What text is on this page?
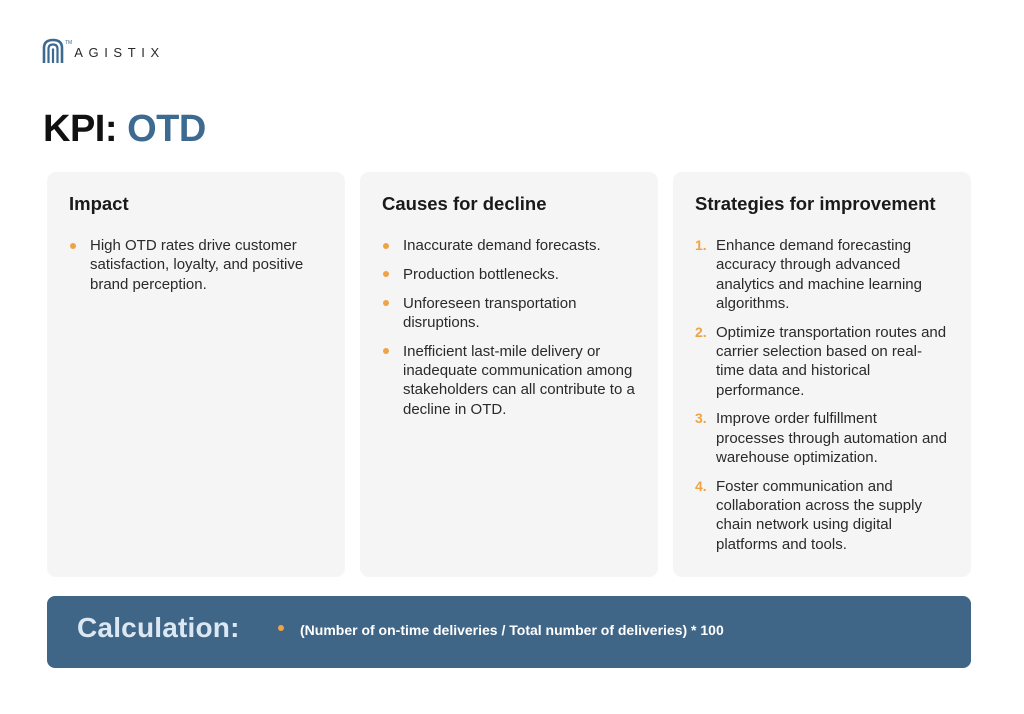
TM
AGISTIX
KPI: OTD
Impact
High OTD rates drive customer satisfaction, loyalty, and positive brand perception.
Causes for decline
Inaccurate demand forecasts.
Production bottlenecks.
Unforeseen transportation disruptions.
Inefficient last-mile delivery or inadequate communication among stakeholders can all contribute to a decline in OTD.
Strategies for improvement
1. Enhance demand forecasting accuracy through advanced analytics and machine learning algorithms.
2. Optimize transportation routes and carrier selection based on real-time data and historical performance.
3. Improve order fulfillment processes through automation and warehouse optimization.
4. Foster communication and collaboration across the supply chain network using digital platforms and tools.
Calculation:	(Number of on-time deliveries / Total number of deliveries) * 100
